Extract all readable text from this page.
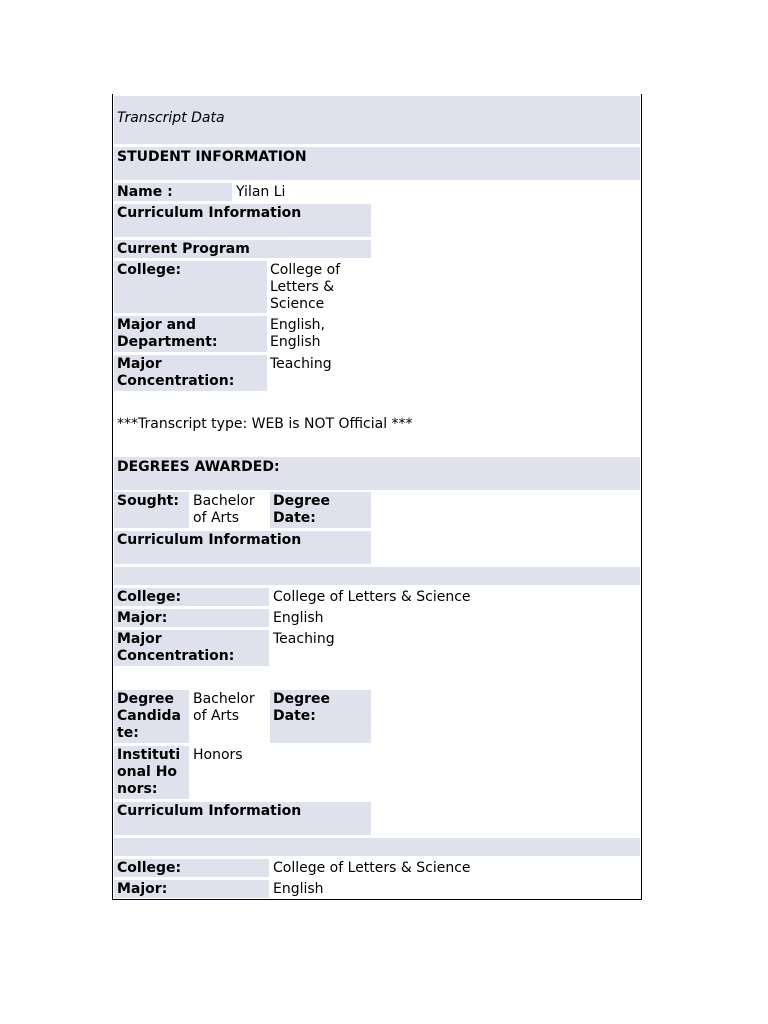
Transcript Data
STUDENT INFORMATION
Name :	Yilan Li
Curriculum Information
Current Program
College:	College of Letters & Science
Major and Department:
English, English
Major Concentration:
Teaching
***Transcript type: WEB is NOT Official ***
DEGREES AWARDED:
Sought:	Bachelor of Arts
Degree Date:
Curriculum Information
College:	College of Letters & Science
Major:	English
Major Concentration:
Teaching
Degree Candidate:
Bachelor of Arts
Degree Date:
Institutional Honors:
Honors
Curriculum Information
College:	College of Letters & Science
Major:	English
